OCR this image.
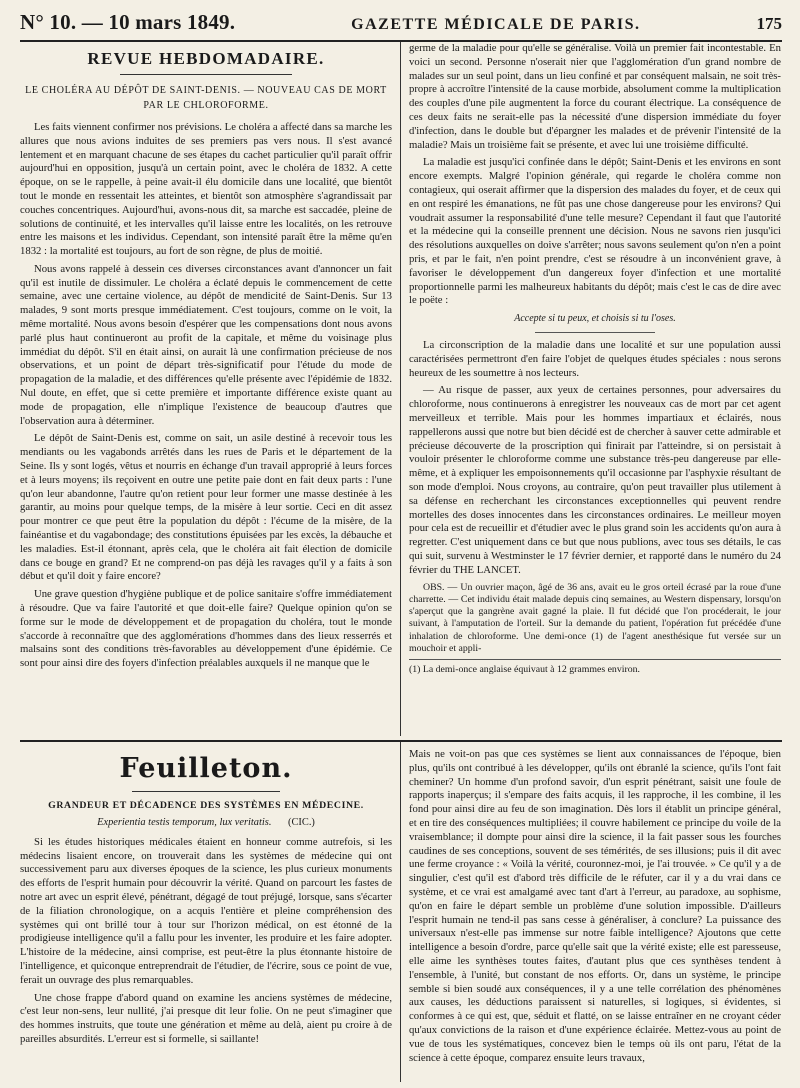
N° 10. — 10 mars 1849.	GAZETTE MÉDICALE DE PARIS.	175
REVUE HEBDOMADAIRE.
LE CHOLÉRA AU DÉPÔT DE SAINT-DENIS. — NOUVEAU CAS DE MORT PAR LE CHLOROFORME.

Les faits viennent confirmer nos prévisions. Le choléra a affecté dans sa marche les allures que nous avions induites de ses premiers pas vers nous. Il s'est avancé lentement et en marquant chacune de ses étapes du cachet particulier qu'il paraît offrir aujourd'hui en opposition, jusqu'à un certain point, avec le choléra de 1832. A cette époque, on se le rappelle, à peine avait-il élu domicile dans une localité, que bientôt tout le monde en ressentait les atteintes, et bientôt son atmosphère s'agrandissait par couches concentriques. Aujourd'hui, avons-nous dit, sa marche est saccadée, pleine de solutions de continuité, et les intervalles qu'il laisse entre les localités, on les retrouve entre les maisons et les individus. Cependant, son intensité paraît être la même qu'en 1832 : la mortalité est toujours, au fort de son règne, de plus de moitié.

Nous avons rappelé à dessein ces diverses circonstances avant d'annoncer un fait qu'il est inutile de dissimuler. Le choléra a éclaté depuis le commencement de cette semaine, avec une certaine violence, au dépôt de mendicité de Saint-Denis. Sur 13 malades, 9 sont morts presque immédiatement. C'est toujours, comme on le voit, la même mortalité. Nous avons besoin d'espérer que les compensations dont nous avons parlé plus haut continueront au profit de la capitale, et même du voisinage plus immédiat du dépôt. S'il en était ainsi, on aurait là une confirmation précieuse de nos observations, et un point de départ très-significatif pour l'étude du mode de propagation de la maladie, et des différences qu'elle présente avec l'épidémie de 1832. Nul doute, en effet, que si cette première et importante différence existe quant au mode de propagation, elle n'implique l'existence de beaucoup d'autres que l'observation aura à déterminer.

Le dépôt de Saint-Denis est, comme on sait, un asile destiné à recevoir tous les mendiants ou les vagabonds arrêtés dans les rues de Paris et le département de la Seine. Ils y sont logés, vêtus et nourris en échange d'un travail approprié à leurs forces et à leurs moyens; ils reçoivent en outre une petite paie dont en fait deux parts : l'une qu'on leur abandonne, l'autre qu'on retient pour leur former une masse destinée à les garantir, au moins pour quelque temps, de la misère à leur sortie. Ceci en dit assez pour montrer ce que peut être la population du dépôt : l'écume de la misère, de la fainéantise et du vagabondage; des constitutions épuisées par les excès, la débauche et les maladies. Est-il étonnant, après cela, que le choléra ait fait élection de domicile dans ce bouge en grand? Et ne comprend-on pas déjà les ravages qu'il y a faits à son début et qu'il doit y faire encore?

Une grave question d'hygiène publique et de police sanitaire s'offre immédiatement à résoudre. Que va faire l'autorité et que doit-elle faire? Quelque opinion qu'on se forme sur le mode de développement et de propagation du choléra, tout le monde s'accorde à reconnaître que des agglomérations d'hommes dans des lieux resserrés et malsains sont des conditions très-favorables au développement d'une épidémie. Ce sont pour ainsi dire des foyers d'infection préalables auxquels il ne manque que le

germe de la maladie pour qu'elle se généralise. Voilà un premier fait incontestable. En voici un second. Personne n'oserait nier que l'agglomération d'un grand nombre de malades sur un seul point, dans un lieu confiné et par conséquent malsain, ne soit très-propre à accroître l'intensité de la cause morbide, absolument comme la multiplication des couples d'une pile augmentent la force du courant électrique. La conséquence de ces deux faits ne serait-elle pas la nécessité d'une dispersion immédiate du foyer d'infection, dans le double but d'épargner les malades et de prévenir l'intensité de la maladie? Mais un troisième fait se présente, et avec lui une troisième difficulté.

La maladie est jusqu'ici confinée dans le dépôt; Saint-Denis et les environs en sont encore exempts. Malgré l'opinion générale, qui regarde le choléra comme non contagieux, qui oserait affirmer que la dispersion des malades du foyer, et de ceux qui en ont respiré les émanations, ne fût pas une chose dangereuse pour les environs? Qui voudrait assumer la responsabilité d'une telle mesure? Cependant il faut que l'autorité et la médecine qui la conseille prennent une décision. Nous ne savons rien jusqu'ici des résolutions auxquelles on doive s'arrêter; nous savons seulement qu'on n'en a point pris, et par le fait, n'en point prendre, c'est se résoudre à un inconvénient grave, à favoriser le développement d'un dangereux foyer d'infection et une mortalité proportionnelle parmi les malheureux habitants du dépôt; mais c'est le cas de dire avec le poëte :

Accepte si tu peux, et choisis si tu l'oses.

La circonscription de la maladie dans une localité et sur une population aussi caractérisées permettront d'en faire l'objet de quelques études spéciales : nous serons heureux de les soumettre à nos lecteurs.

— Au risque de passer, aux yeux de certaines personnes, pour adversaires du chloroforme, nous continuerons à enregistrer les nouveaux cas de mort par cet agent merveilleux et terrible. Mais pour les hommes impartiaux et éclairés, nous rappellerons aussi que notre but bien décidé est de chercher à sauver cette admirable et précieuse découverte de la proscription qui finirait par l'atteindre, si on persistait à vouloir présenter le chloroforme comme une substance très-peu dangereuse par elle-même, et à expliquer les empoisonnements qu'il occasionne par l'asphyxie résultant de son mode d'emploi. Nous croyons, au contraire, qu'on peut travailler plus utilement à sa défense en recherchant les circonstances exceptionnelles qui peuvent rendre mortelles des doses innocentes dans les circonstances ordinaires. Le meilleur moyen pour cela est de recueillir et d'étudier avec le plus grand soin les accidents qu'on aura à regretter. C'est uniquement dans ce but que nous publions, avec tous ses détails, le cas qui suit, survenu à Westminster le 17 février dernier, et rapporté dans le numéro du 24 février du THE LANCET.

OBS. — Un ouvrier maçon, âgé de 36 ans, avait eu le gros orteil écrasé par la roue d'une charrette. — Cet individu était malade depuis cinq semaines, au Western dispensary, lorsqu'on s'aperçut que la gangrène avait gagné la plaie. Il fut décidé que l'on procéderait, le jour suivant, à l'amputation de l'orteil. Sur la demande du patient, l'opération fut précédée d'une inhalation de chloroforme. Une demi-once (1) de l'agent anesthésique fut versée sur un mouchoir et appli-

(1) La demi-once anglaise équivaut à 12 grammes environ.

Feuilleton.
GRANDEUR ET DÉCADENCE DES SYSTÈMES EN MÉDECINE.
Experientia testis temporum, lux veritatis. (CIC.)

Si les études historiques médicales étaient en honneur comme autrefois, si les médecins lisaient encore, on trouverait dans les systèmes de médecine qui ont successivement paru aux diverses époques de la science, les plus curieux monuments des efforts de l'esprit humain pour découvrir la vérité. Quand on parcourt les fastes de notre art avec un esprit élevé, pénétrant, dégagé de tout préjugé, lorsque, sans s'écarter de la filiation chronologique, on a acquis l'entière et pleine compréhension des systèmes qui ont brillé tour à tour sur l'horizon médical, on est étonné de la prodigieuse intelligence qu'il a fallu pour les inventer, les produire et les faire adopter. L'histoire de la médecine, ainsi comprise, est peut-être la plus étonnante histoire de l'intelligence, et quiconque entreprendrait de l'étudier, de l'écrire, sous ce point de vue, ferait un ouvrage des plus remarquables.

Une chose frappe d'abord quand on examine les anciens systèmes de médecine, c'est leur non-sens, leur nullité, j'ai presque dit leur folie. On ne peut s'imaginer que des hommes instruits, que toute une génération et même au delà, aient pu croire à de pareilles absurdités. L'erreur est si formelle, si saillante!

Mais ne voit-on pas que ces systèmes se lient aux connaissances de l'époque, bien plus, qu'ils ont contribué à les développer, qu'ils ont ébranlé la science, qu'ils l'ont fait cheminer? Un homme d'un profond savoir, d'un esprit pénétrant, saisit une foule de rapports inaperçus; il s'empare des faits acquis, il les rapproche, il les combine, il les fond pour ainsi dire au feu de son imagination. Dès lors il établit un principe général, et en tire des conséquences multipliées; il couvre habilement ce principe du voile de la vraisemblance; il dompte pour ainsi dire la science, il la fait passer sous les fourches caudines de ses conceptions, souvent de ses témérités, de ses illusions; puis il dit avec une ferme croyance : « Voilà la vérité, couronnez-moi, je l'ai trouvée. » Ce qu'il y a de singulier, c'est qu'il est d'abord très difficile de le réfuter, car il y a du vrai dans ce système, et ce vrai est amalgamé avec tant d'art à l'erreur, au paradoxe, au sophisme, qu'on en faire le départ semble un problème d'une solution impossible. D'ailleurs l'esprit humain ne tend-il pas sans cesse à généraliser, à conclure? La puissance des universaux n'est-elle pas immense sur notre faible intelligence? Ajoutons que cette intelligence a besoin d'ordre, parce qu'elle sait que la vérité existe; elle est paresseuse, elle aime les synthèses toutes faites, d'autant plus que ces synthèses tendent à l'ensemble, à l'unité, but constant de nos efforts. Or, dans un système, le principe semble si bien soudé aux conséquences, il y a une telle corrélation des phénomènes aux causes, les déductions paraissent si naturelles, si logiques, si évidentes, si conformes à ce qui est, que, séduit et flatté, on se laisse entraîner en ne croyant céder qu'aux convictions de la raison et d'une expérience éclairée. Mettez-vous au point de vue de tous les systématiques, concevez bien le temps où ils ont paru, l'état de la science à cette époque, comparez ensuite leurs travaux,
